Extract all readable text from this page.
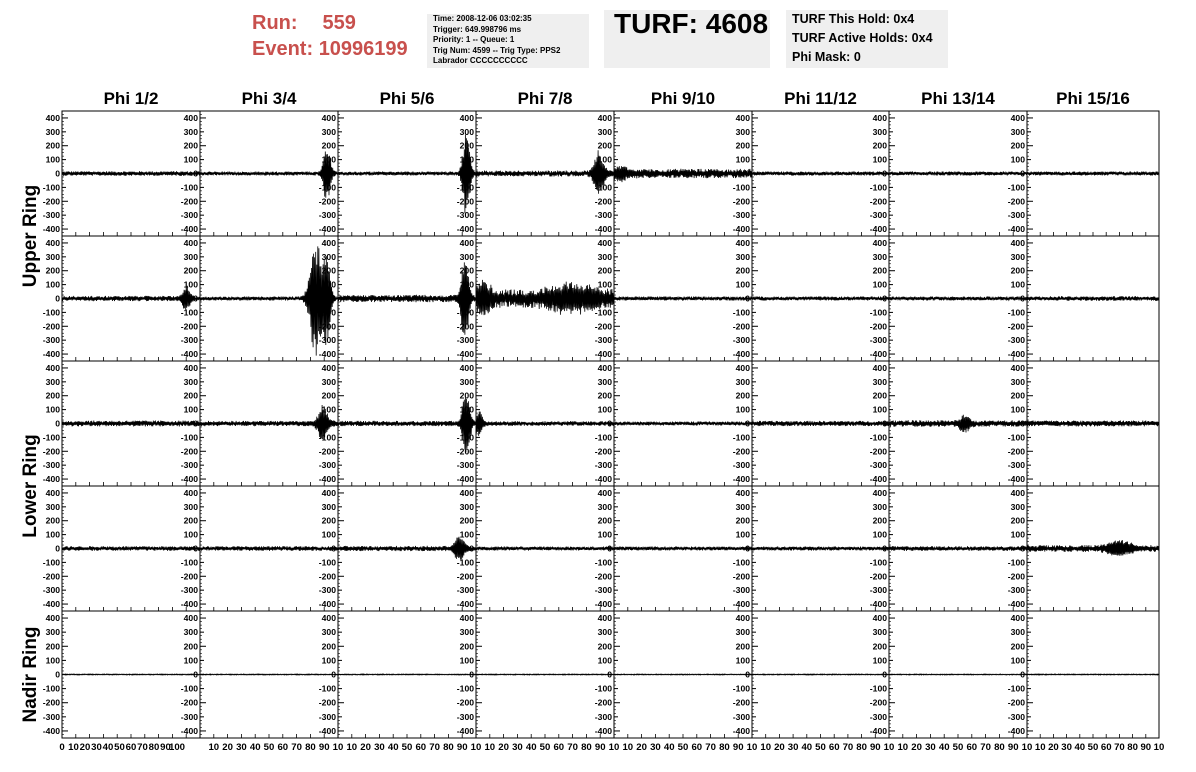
Run: 559
Event: 10996199
Time: 2008-12-06 03:02:35
Trigger: 649.998796 ms
Priority: 1 -- Queue: 1
Trig Num: 4599 -- Trig Type: PPS2
Labrador CCCCCCCCCC
TURF: 4608 TURF This Hold: 0x4
TURF Active Holds: 0x4
Phi Mask: 0
Phi 1/2	Phi 3/4	Phi 5/6	Phi 7/8	Phi 9/10	Phi 11/12	Phi 13/14	Phi 15/16
Upper Ring
Lower Ring
Nadir Ring
400
300
200
100
0
-100
-200
-300
-400
400
300
200
100
0
-100
-200
-300
-400
400
300
200
100
0
-100
-200
-300
-400
400
300
200
100
0
-100
-200
-300
-400
400
300
200
100
0
-100
-200
-300
-400
400
300
200
100
0
-100
-200
-300
-400
400
300
200
100
0
-100
-200
-300
-400
400
300
200
100
0
-100
-200
-300
-400
400
300
200
100
0
-100
-200
-300
-400
400
300
200
100
0
-100
-200
-300
-400
400
300
200
100
0
-100
-200
-300
-400
400
300
200
100
0
-100
-200
-300
-400
400
300
200
100
0
-100
-200
-300
-400
400
300
200
100
0
-100
-200
-300
-400
400
300
200
100
0
-100
-200
-300
-400
400
300
200
100
0
-100
-200
-300
-400
400
300
200
100
0
-100
-200
-300
-400
400
300
200
100
0
-100
-200
-300
-400
400
300
200
100
0
-100
-200
-300
-400
400
300
200
100
0
-100
-200
-300
-400
400
300
200
100
0
-100
-200
-300
-400
400
300
200
100
0
-100
-200
-300
-400
400
300
200
100
0
-100
-200
-300
-400
400
300
200
100
0
-100
-200
-300
-400
400
300
200
100
0
-100
-200
-300
-400
400
300
200
100
0
-100
-200
-300
-400
400
300
200
100
0
-100
-200
-300
-400
400
300
200
100
0
-100
-200
-300
-400
400
300
200
100
0
-100
-200
-300
-400
400
300
200
100
0
-100
-200
-300
-400
400
300
200
100
0
-100
-200
-300
-400
400
300
200
100
0
-100
-200
-300
-400
400
300
200
100
0
-100
-200
-300
-400
400
300
200
100
0
-100
-200
-300
-400
400
300
200
100
0
-100
-200
-300
-400
400
300
200
100
0
-100
-200
-300
-400
400
300
200
100
0
-100
-200
-300
-400
400
300
200
100
0
-100
-200
-300
-400
400
300
200
100
0
-100
-200
-300
-400
400
300
200
100
0
-100
-200
-300
-400
0 10 20 30 40 50 60 70 80 90
100 10 20 30 40 50 60 70 80 90 10 10 20 30 40 50 60 70 80 90 10 10 20 30 40 50 60 70 80 90 10 10 20 30 40 50 60 70 80 90 10 10 20 30 40 50 60 70 80 90 10 10 20 30 40 50 60 70 80 90 10 10 20 30 40 50 60 70 80 90 10
